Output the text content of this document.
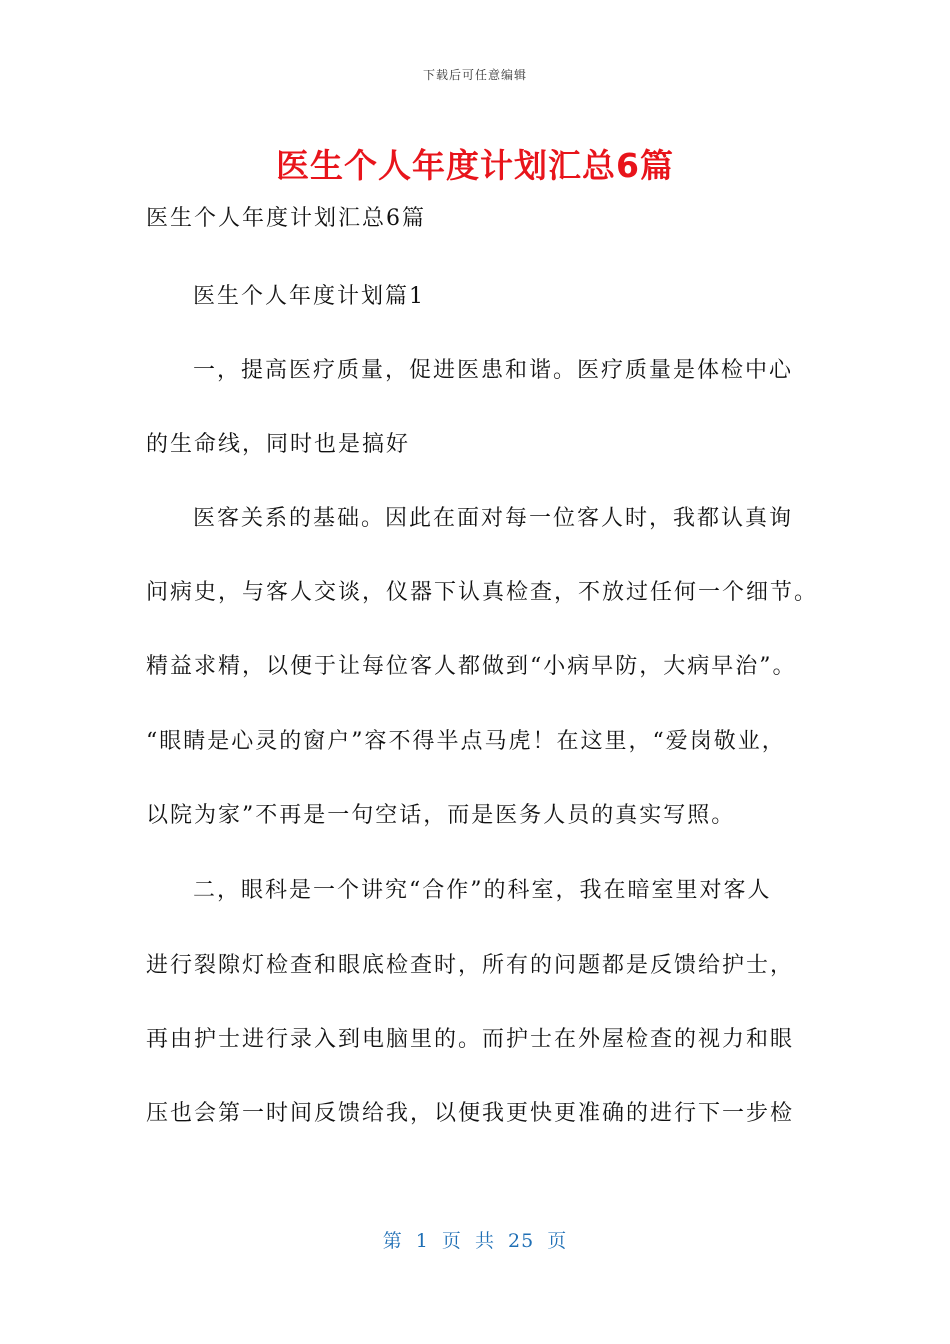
下载后可任意编辑
医生个人年度计划汇总6篇
医生个人年度计划汇总6篇
医生个人年度计划篇1
一，提高医疗质量，促进医患和谐。医疗质量是体检中心
的生命线，同时也是搞好
医客关系的基础。因此在面对每一位客人时，我都认真询
问病史，与客人交谈，仪器下认真检查，不放过任何一个细节。
精益求精，以便于让每位客人都做到“小病早防，大病早治”。
“眼睛是心灵的窗户”容不得半点马虎！在这里，“爱岗敬业，
以院为家”不再是一句空话，而是医务人员的真实写照。
二，眼科是一个讲究“合作”的科室，我在暗室里对客人
进行裂隙灯检查和眼底检查时，所有的问题都是反馈给护士，
再由护士进行录入到电脑里的。而护士在外屋检查的视力和眼
压也会第一时间反馈给我，以便我更快更准确的进行下一步检
第 1 页 共 25 页
